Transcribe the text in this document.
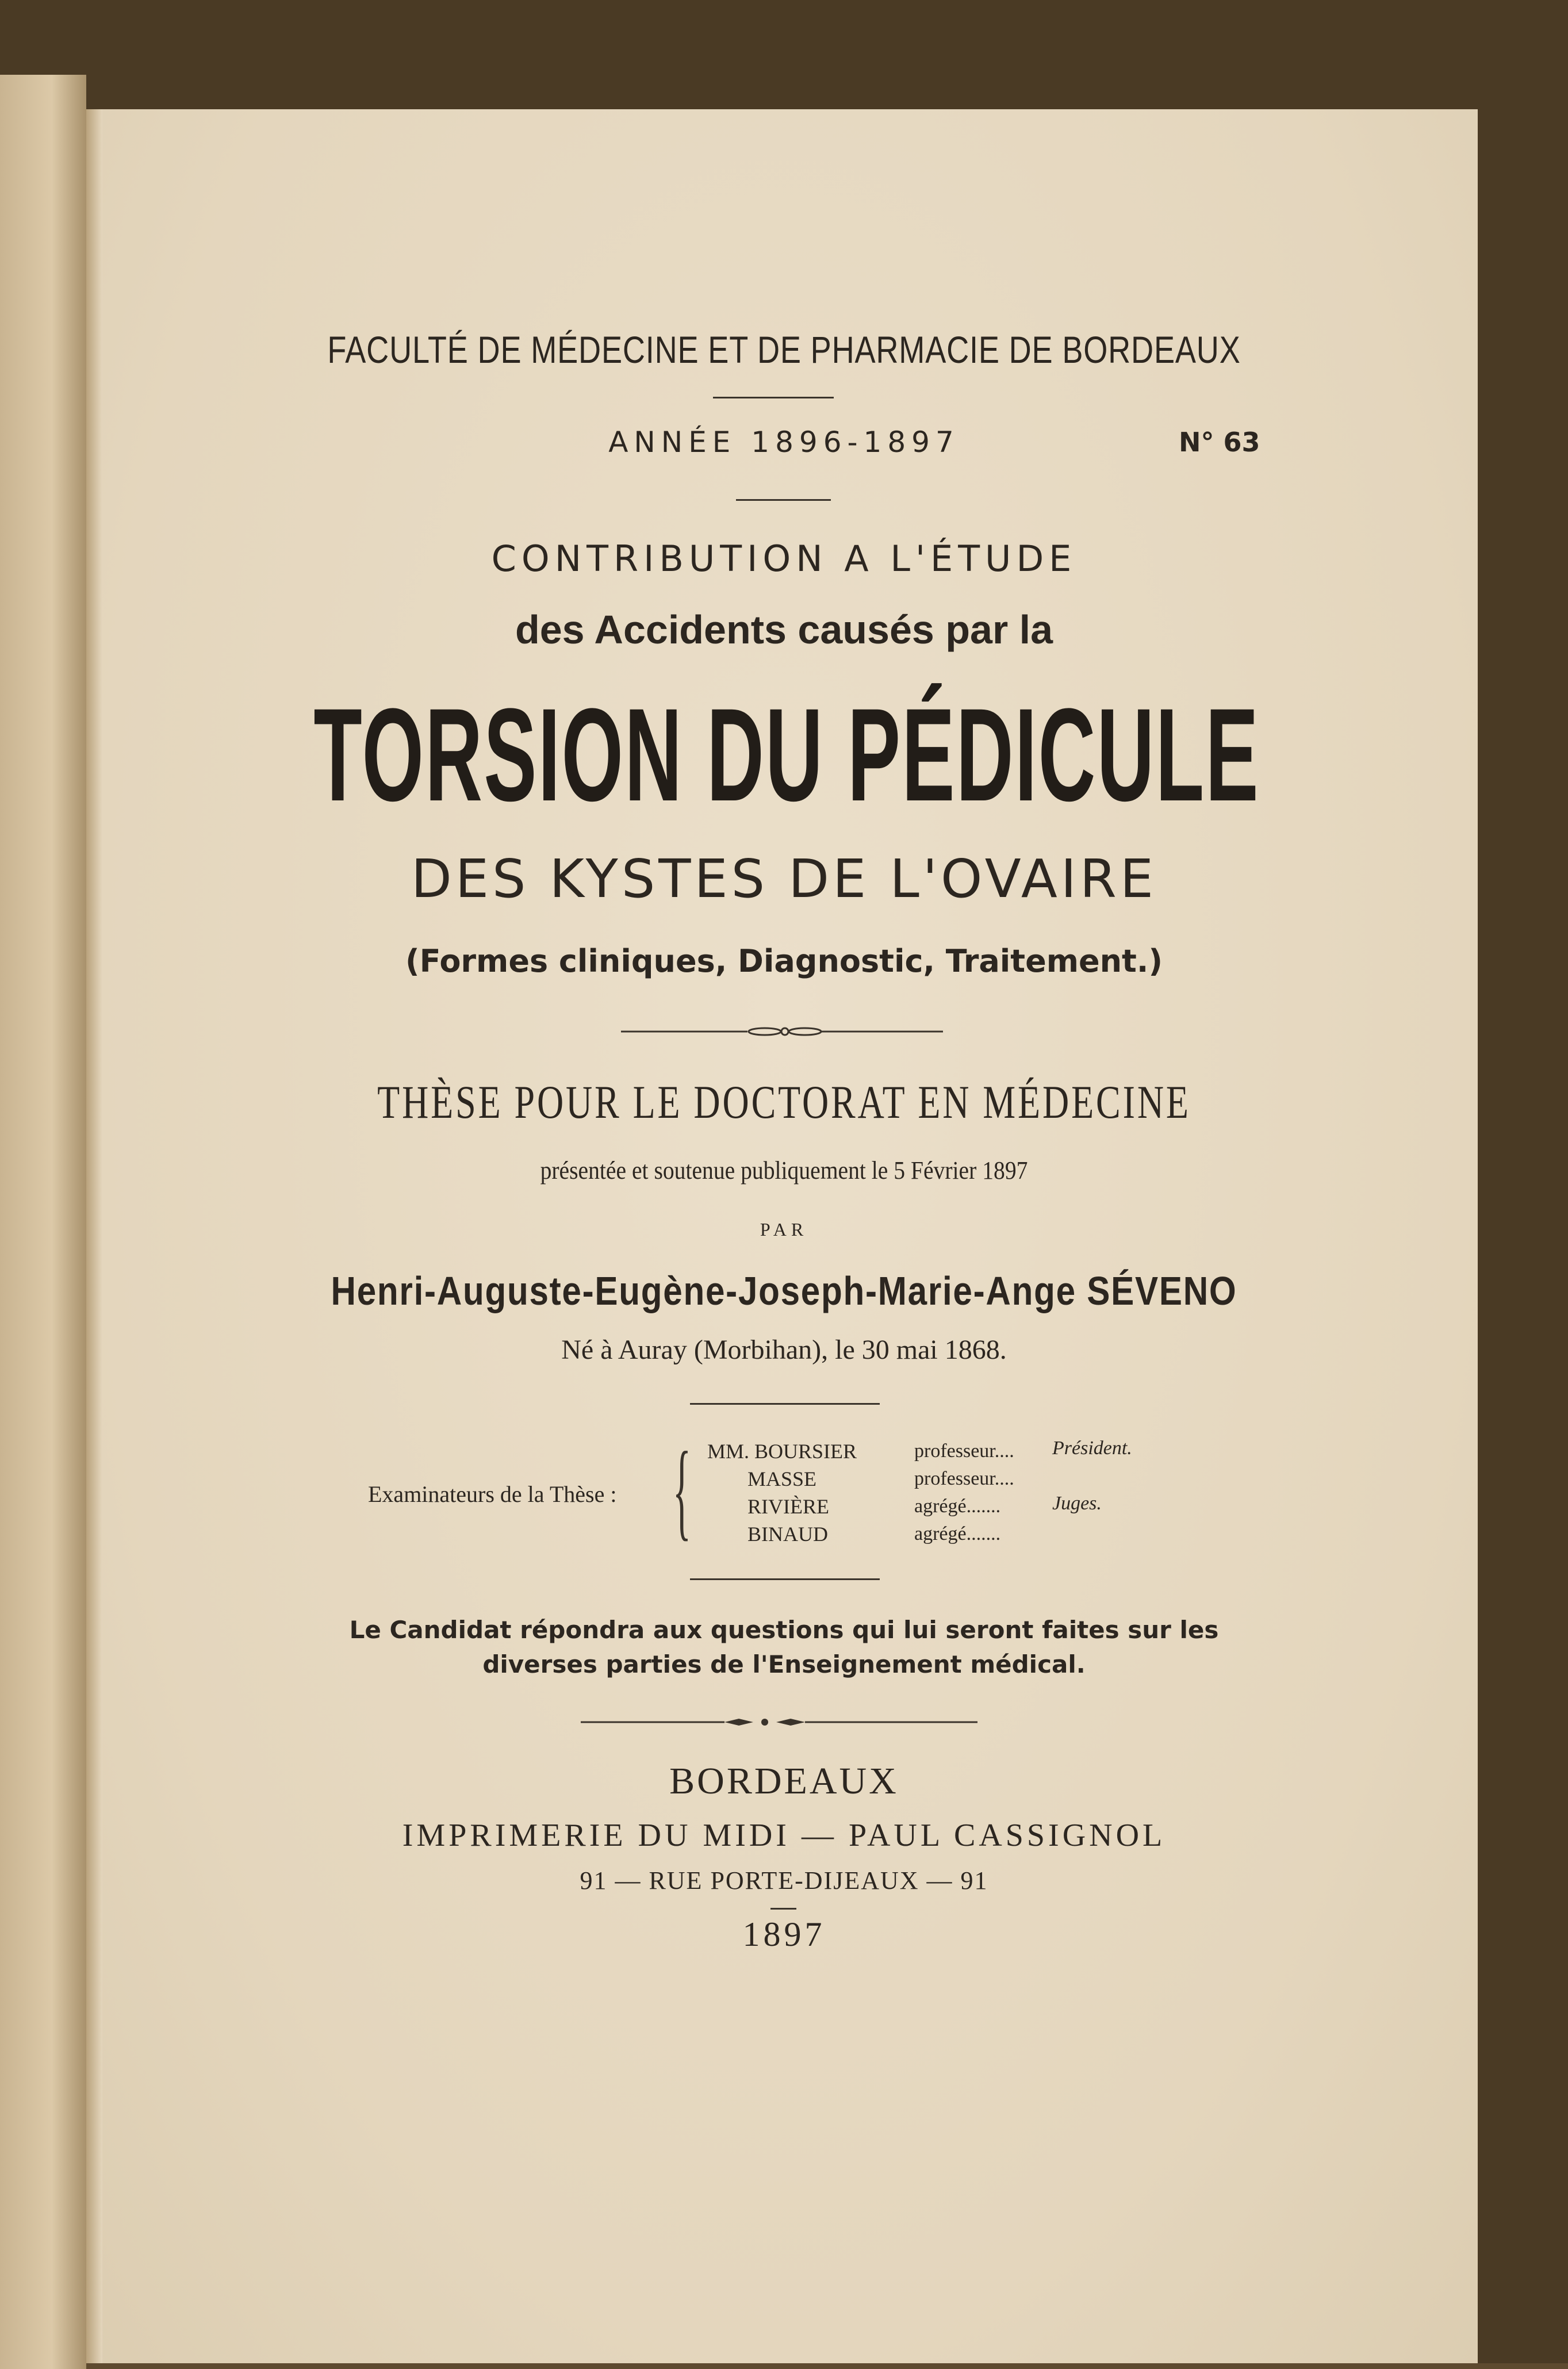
FACULTÉ DE MÉDECINE ET DE PHARMACIE DE BORDEAUX
ANNÉE 1896-1897	N° 63
CONTRIBUTION A L'ÉTUDE
des Accidents causés par la
TORSION DU PÉDICULE
DES KYSTES DE L'OVAIRE
(Formes cliniques, Diagnostic, Traitement.)
THÈSE POUR LE DOCTORAT EN MÉDECINE
présentée et soutenue publiquement le 5 Février 1897
PAR
Henri-Auguste-Eugène-Joseph-Marie-Ange SÉVENO
Né à Auray (Morbihan), le 30 mai 1868.
Examinateurs de la Thèse : { MM. BOURSIER
MASSE
RIVIÈRE
BINAUD
professeur....
professeur....
agrégé.......
agrégé.......
Président.
Juges.
Le Candidat répondra aux questions qui lui seront faites sur les
diverses parties de l'Enseignement médical.
BORDEAUX
IMPRIMERIE DU MIDI — PAUL CASSIGNOL
91 — RUE PORTE-DIJEAUX — 91
1897
